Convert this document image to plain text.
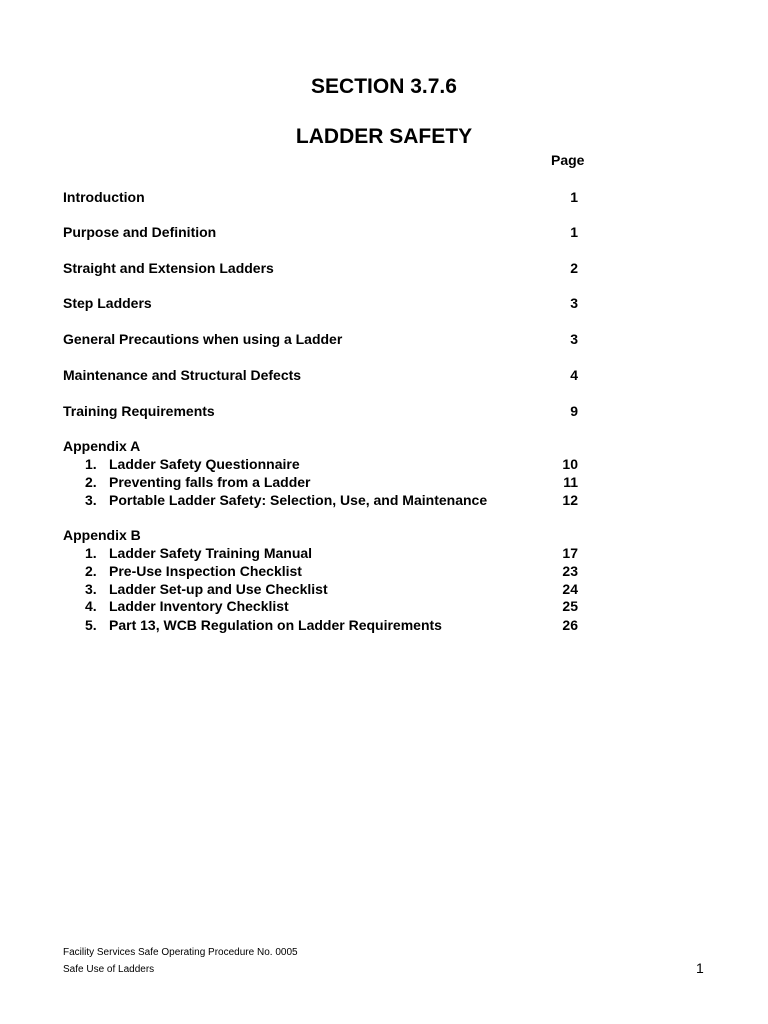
SECTION 3.7.6
LADDER SAFETY
Page
Introduction	1
Purpose and Definition	1
Straight and Extension Ladders	2
Step Ladders	3
General Precautions when using a Ladder	3
Maintenance and Structural Defects	4
Training Requirements	9
Appendix A
1. Ladder Safety Questionnaire	10
2. Preventing falls from a Ladder	11
3. Portable Ladder Safety: Selection, Use, and Maintenance	12
Appendix B
1. Ladder Safety Training Manual	17
2. Pre-Use Inspection Checklist	23
3. Ladder Set-up and Use Checklist	24
4. Ladder Inventory Checklist	25
5. Part 13, WCB Regulation on Ladder Requirements	26
Facility Services Safe Operating Procedure No. 0005
Safe Use of Ladders	1
